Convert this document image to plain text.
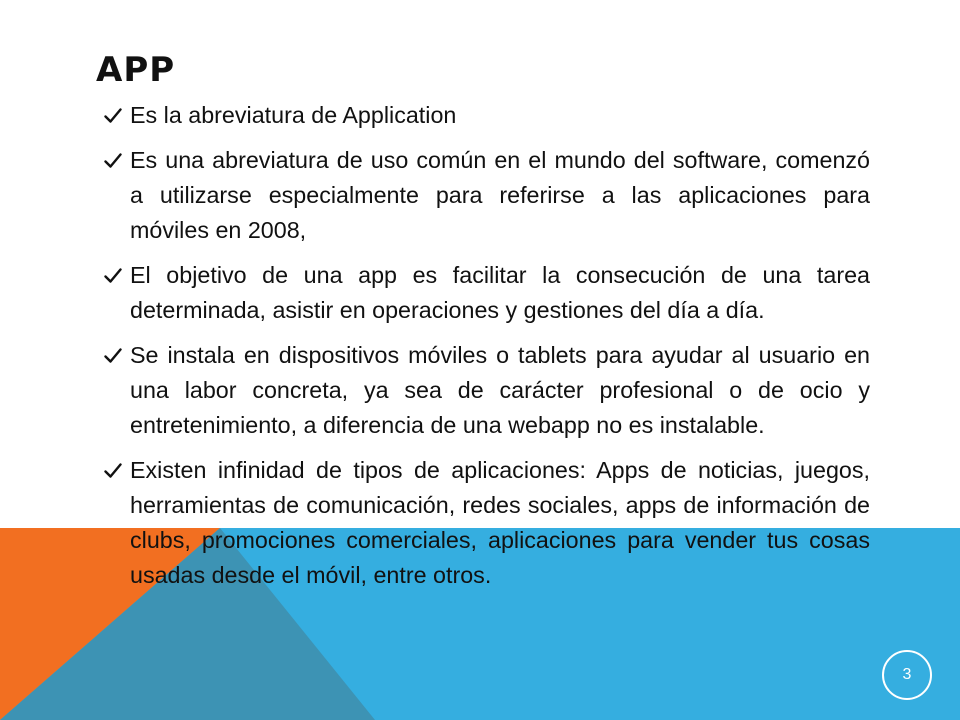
APP
Es la abreviatura de Application
Es una abreviatura de uso común en el mundo del software, comenzó a utilizarse especialmente para referirse a las aplicaciones para móviles en 2008,
El objetivo de una app es facilitar la consecución de una tarea determinada, asistir en operaciones y gestiones del día a día.
Se instala en dispositivos móviles o tablets para ayudar al usuario en una labor concreta, ya sea de carácter profesional o de ocio y entretenimiento, a diferencia de una webapp no es instalable.
Existen infinidad de tipos de aplicaciones: Apps de noticias, juegos, herramientas de comunicación, redes sociales, apps de información de clubs, promociones comerciales, aplicaciones para vender tus cosas usadas desde el móvil, entre otros.
3
